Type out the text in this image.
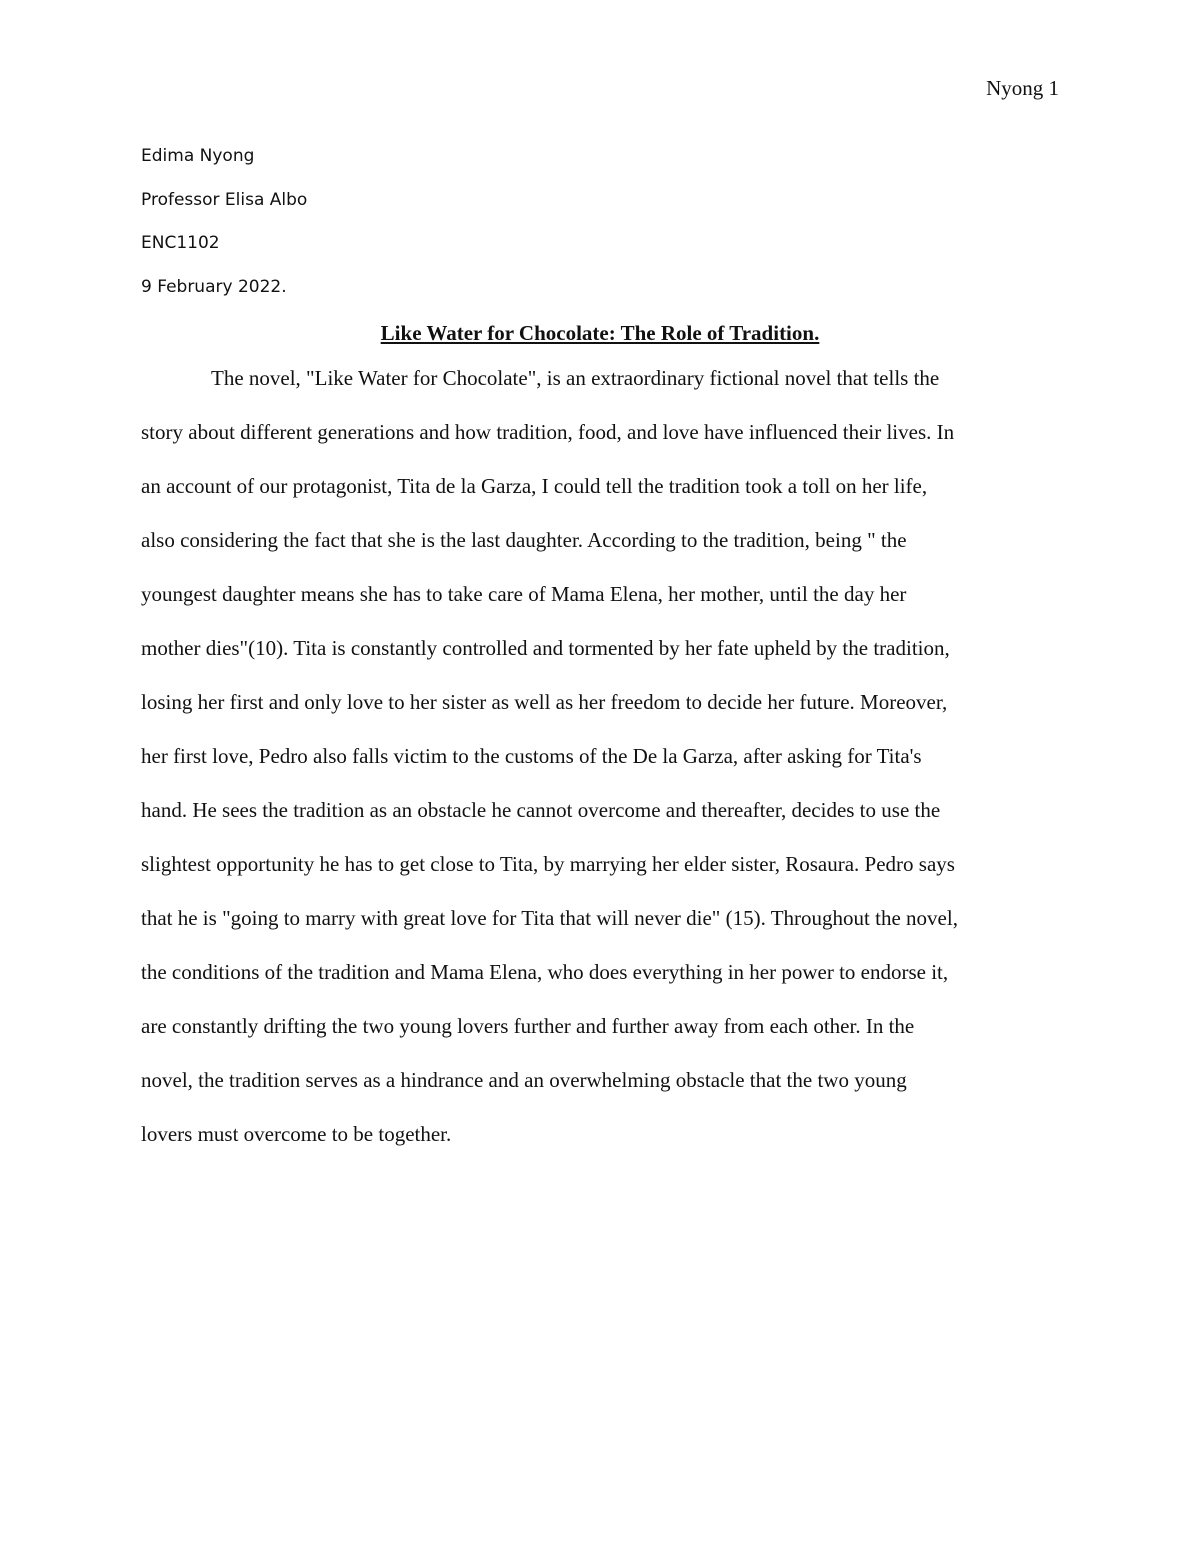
Nyong 1
Edima Nyong
Professor Elisa Albo
ENC1102
9 February 2022.
Like Water for Chocolate: The Role of Tradition.
The novel, "Like Water for Chocolate", is an extraordinary fictional novel that tells the
story about different generations and how tradition, food, and love have influenced their lives. In
an account of our protagonist, Tita de la Garza, I could tell the tradition took a toll on her life,
also considering the fact that she is the last daughter. According to the tradition, being " the
youngest daughter means she has to take care of Mama Elena, her mother, until the day her
mother dies"(10). Tita is constantly controlled and tormented by her fate upheld by the tradition,
losing her first and only love to her sister as well as her freedom to decide her future. Moreover,
her first love, Pedro also falls victim to the customs of the De la Garza, after asking for Tita's
hand. He sees the tradition as an obstacle he cannot overcome and thereafter, decides to use the
slightest opportunity he has to get close to Tita, by marrying her elder sister, Rosaura. Pedro says
that he is "going to marry with great love for Tita that will never die" (15). Throughout the novel,
the conditions of the tradition and Mama Elena, who does everything in her power to endorse it,
are constantly drifting the two young lovers further and further away from each other. In the
novel, the tradition serves as a hindrance and an overwhelming obstacle that the two young
lovers must overcome to be together.
